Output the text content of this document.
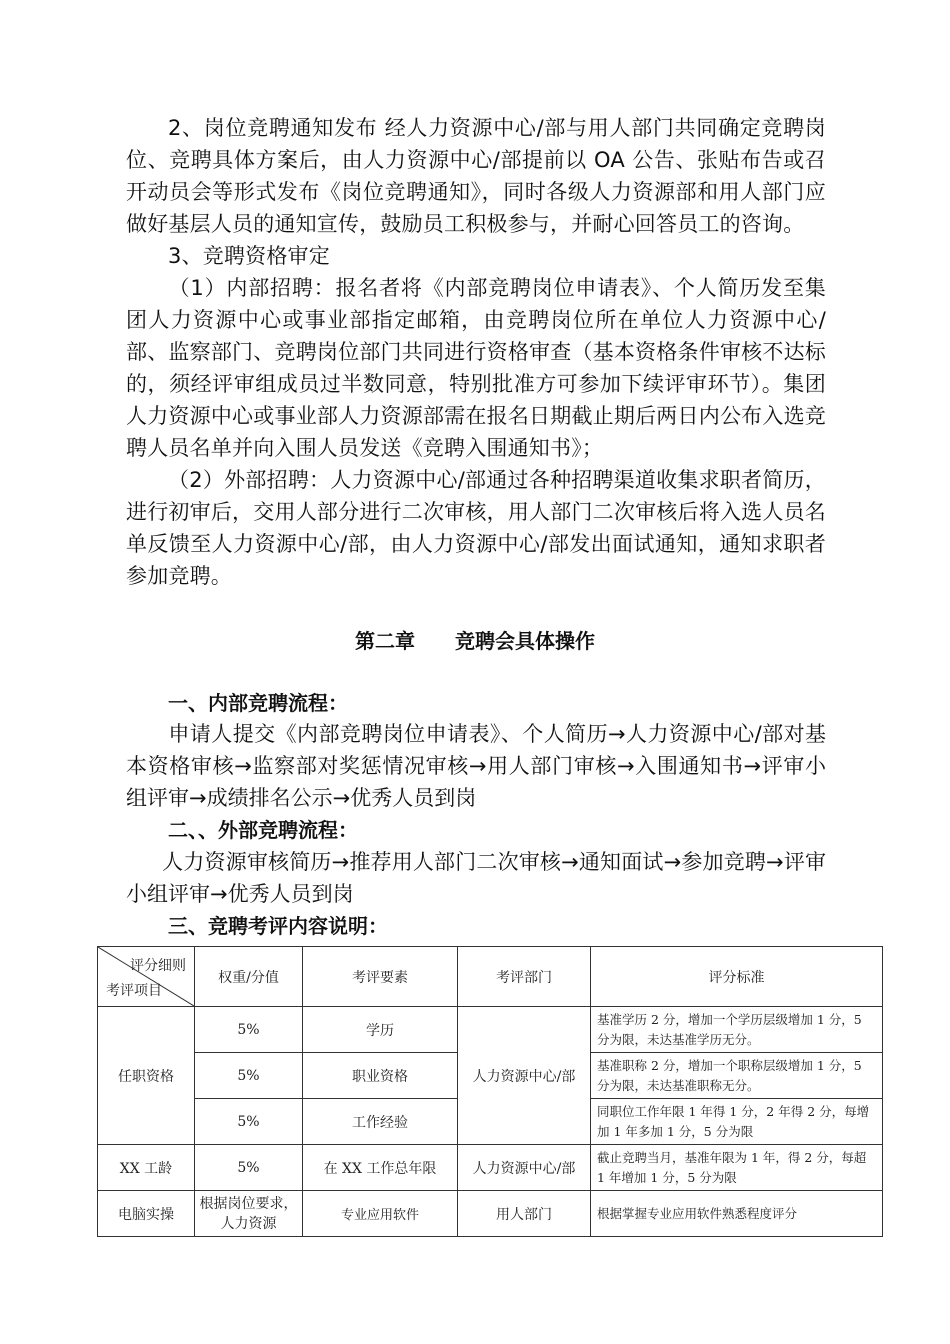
2、岗位竞聘通知发布 经人力资源中心/部与用人部门共同确定竞聘岗位、竞聘具体方案后，由人力资源中心/部提前以 OA 公告、张贴布告或召开动员会等形式发布《岗位竞聘通知》，同时各级人力资源部和用人部门应做好基层人员的通知宣传，鼓励员工积极参与，并耐心回答员工的咨询。
3、竞聘资格审定
（1）内部招聘：报名者将《内部竞聘岗位申请表》、个人简历发至集团人力资源中心或事业部指定邮箱，由竞聘岗位所在单位人力资源中心/部、监察部门、竞聘岗位部门共同进行资格审查（基本资格条件审核不达标的，须经评审组成员过半数同意，特别批准方可参加下续评审环节）。集团人力资源中心或事业部人力资源部需在报名日期截止期后两日内公布入选竞聘人员名单并向入围人员发送《竞聘入围通知书》；
（2）外部招聘：人力资源中心/部通过各种招聘渠道收集求职者简历，进行初审后，交用人部分进行二次审核，用人部门二次审核后将入选人员名单反馈至人力资源中心/部，由人力资源中心/部发出面试通知，通知求职者参加竞聘。
第二章 竞聘会具体操作
一、内部竞聘流程：
申请人提交《内部竞聘岗位申请表》、个人简历→人力资源中心/部对基本资格审核→监察部对奖惩情况审核→用人部门审核→入围通知书→评审小组评审→成绩排名公示→优秀人员到岗
二、、外部竞聘流程：
人力资源审核简历→推荐用人部门二次审核→通知面试→参加竞聘→评审小组评审→优秀人员到岗
三、竞聘考评内容说明：
评分细则
考评项目	权重/分值	考评要素	考评部门	评分标准
任职资格	5%	学历	人力资源中心/部	基准学历 2 分，增加一个学历层级增加 1 分，5 分为限，未达基准学历无分。
	5%	职业资格		基准职称 2 分，增加一个职称层级增加 1 分，5 分为限，未达基准职称无分。
	5%	工作经验		同职位工作年限 1 年得 1 分，2 年得 2 分，每增加 1 年多加 1 分，5 分为限
XX 工龄	5%	在 XX 工作总年限	人力资源中心/部	截止竞聘当月，基准年限为 1 年，得 2 分，每超 1 年增加 1 分，5 分为限
电脑实操	根据岗位要求，人力资源	专业应用软件	用人部门	根据掌握专业应用软件熟悉程度评分
